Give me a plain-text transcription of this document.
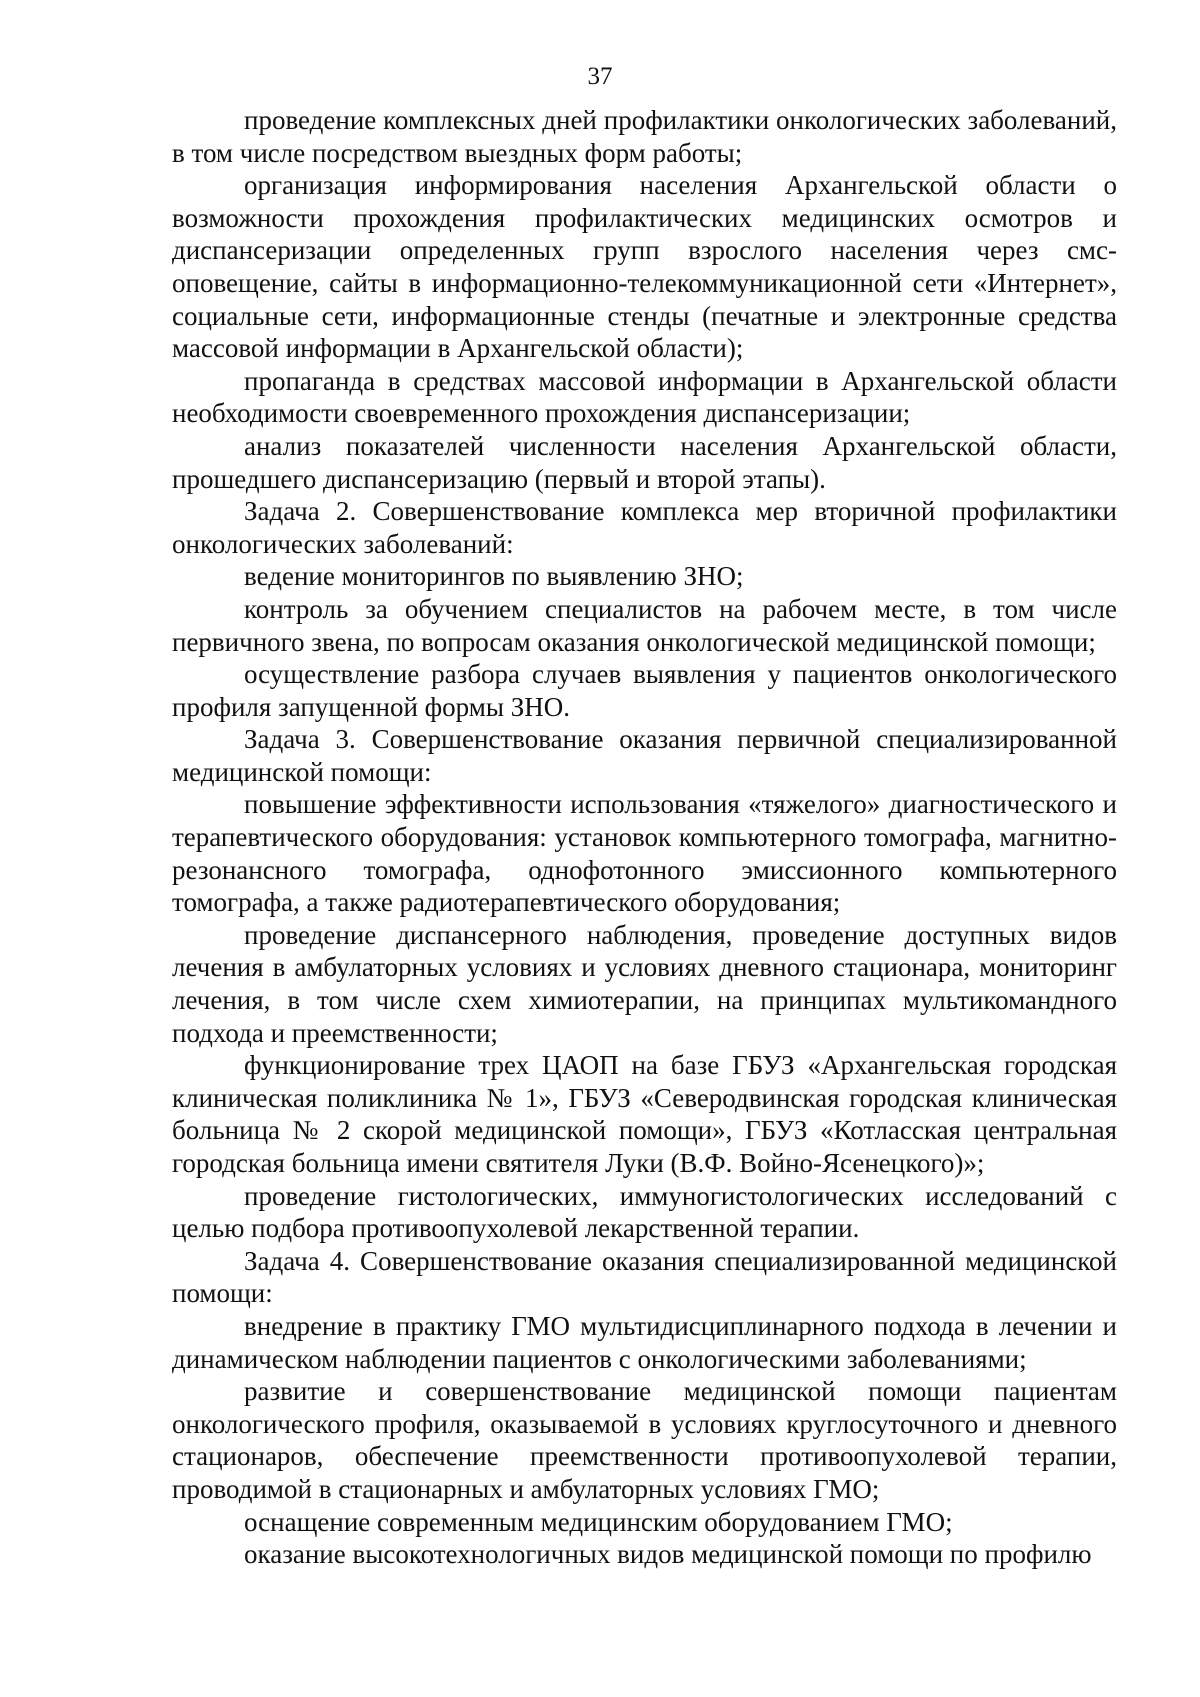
37

проведение комплексных дней профилактики онкологических заболеваний, в том числе посредством выездных форм работы;

организация информирования населения Архангельской области о возможности прохождения профилактических медицинских осмотров и диспансеризации определенных групп взрослого населения через смс-оповещение, сайты в информационно-телекоммуникационной сети «Интернет», социальные сети, информационные стенды (печатные и электронные средства массовой информации в Архангельской области);

пропаганда в средствах массовой информации в Архангельской области необходимости своевременного прохождения диспансеризации;

анализ показателей численности населения Архангельской области, прошедшего диспансеризацию (первый и второй этапы).

Задача 2. Совершенствование комплекса мер вторичной профилактики онкологических заболеваний:

ведение мониторингов по выявлению ЗНО;

контроль за обучением специалистов на рабочем месте, в том числе первичного звена, по вопросам оказания онкологической медицинской помощи;

осуществление разбора случаев выявления у пациентов онкологического профиля запущенной формы ЗНО.

Задача 3. Совершенствование оказания первичной специализированной медицинской помощи:

повышение эффективности использования «тяжелого» диагностического и терапевтического оборудования: установок компьютерного томографа, магнитно-резонансного томографа, однофотонного эмиссионного компьютерного томографа, а также радиотерапевтического оборудования;

проведение диспансерного наблюдения, проведение доступных видов лечения в амбулаторных условиях и условиях дневного стационара, мониторинг лечения, в том числе схем химиотерапии, на принципах мультикомандного подхода и преемственности;

функционирование трех ЦАОП на базе ГБУЗ «Архангельская городская клиническая поликлиника № 1», ГБУЗ «Северодвинская городская клиническая больница № 2 скорой медицинской помощи», ГБУЗ «Котласская центральная городская больница имени святителя Луки (В.Ф. Войно-Ясенецкого)»;

проведение гистологических, иммуногистологических исследований с целью подбора противоопухолевой лекарственной терапии.

Задача 4. Совершенствование оказания специализированной медицинской помощи:

внедрение в практику ГМО мультидисциплинарного подхода в лечении и динамическом наблюдении пациентов с онкологическими заболеваниями;

развитие и совершенствование медицинской помощи пациентам онкологического профиля, оказываемой в условиях круглосуточного и дневного стационаров, обеспечение преемственности противоопухолевой терапии, проводимой в стационарных и амбулаторных условиях ГМО;

оснащение современным медицинским оборудованием ГМО;

оказание высокотехнологичных видов медицинской помощи по профилю
